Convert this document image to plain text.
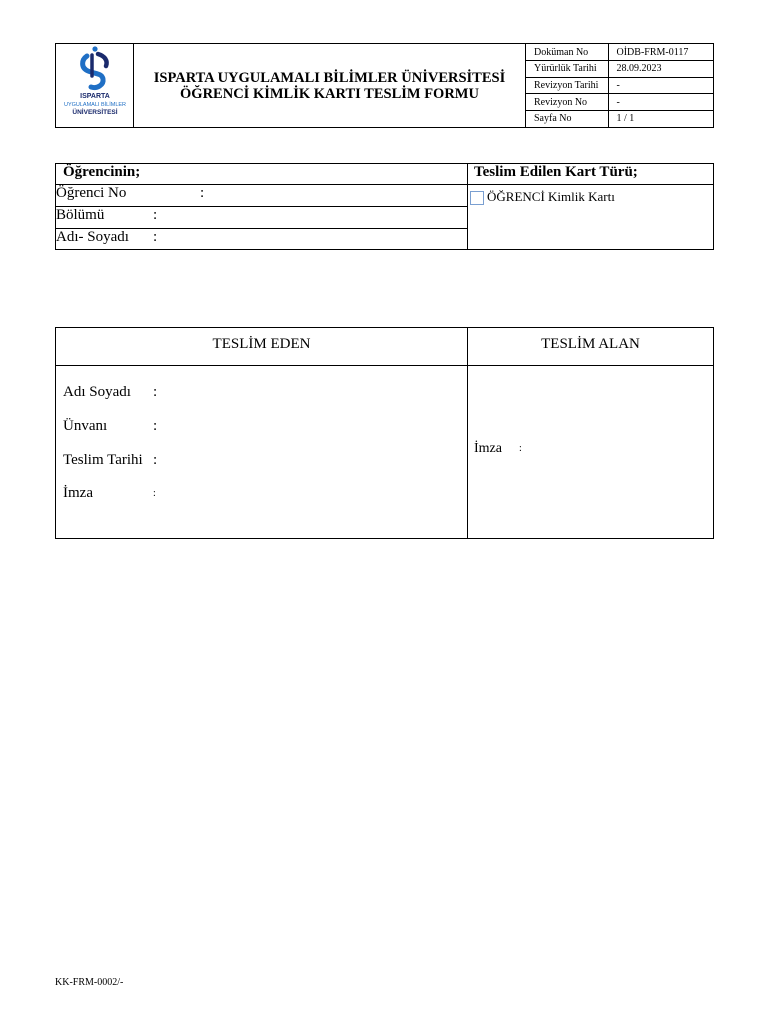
ISPARTA
UYGULAMALI BİLİMLER
ÜNİVERSİTESİ
ISPARTA UYGULAMALI BİLİMLER ÜNİVERSİTESİ
ÖĞRENCİ KİMLİK KARTI TESLİM FORMU
Doküman No	OİDB-FRM-0117
Yürürlük Tarihi	28.09.2023
Revizyon Tarihi	-
Revizyon No	-
Sayfa No	1 / 1
Öğrencinin;	Teslim Edilen Kart Türü;
Öğrenci No	:
Bölümü	:
Adı- Soyadı :
ÖĞRENCİ Kimlik Kartı
TESLİM EDEN	TESLİM ALAN
Adı Soyadı :
Ünvanı	:
Teslim Tarihi :
İmza	:
İmza :
KK-FRM-0002/-
